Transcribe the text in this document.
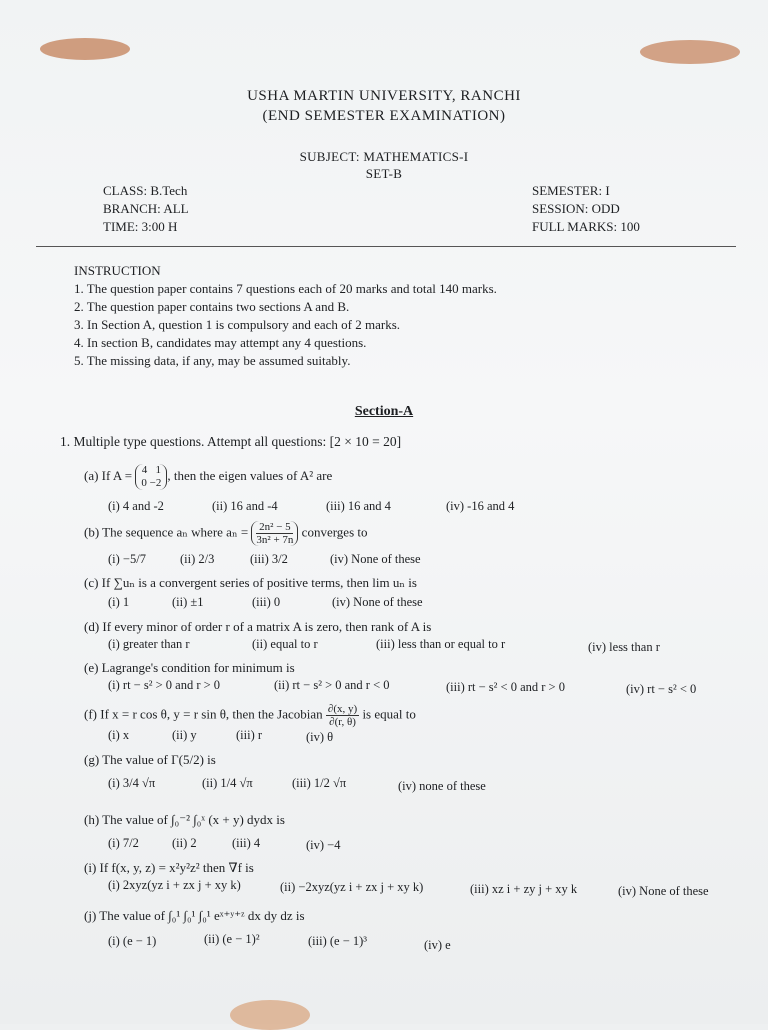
USHA MARTIN UNIVERSITY, RANCHI
(END SEMESTER EXAMINATION)
SUBJECT: MATHEMATICS-I
SET-B
CLASS: B.Tech
BRANCH: ALL
TIME: 3:00 H
SEMESTER: I
SESSION: ODD
FULL MARKS: 100
INSTRUCTION
1. The question paper contains 7 questions each of 20 marks and total 140 marks.
2. The question paper contains two sections A and B.
3. In Section A, question 1 is compulsory and each of 2 marks.
4. In section B, candidates may attempt any 4 questions.
5. The missing data, if any, may be assumed suitably.
Section-A
1. Multiple type questions. Attempt all questions: [2 × 10 = 20]
(a) If A = 4   1
0 −2, then the eigen values of A² are
(i) 4 and -2	(ii) 16 and -4	(iii) 16 and 4	(iv) -16 and 4
(b) The sequence aₙ where $a_n = \frac{\text{2n² − 5}}{\text{3n² + 7n}}$ converges to
(i) −5/7	(ii) 2/3	(iii) 3/2	(iv) None of these
(c) If ∑uₙ is a convergent series of positive terms, then lim uₙ is
(i) 1	(ii) ±1	(iii) 0	(iv) None of these
(d) If every minor of order r of a matrix A is zero, then rank of A is
(i) greater than r	(ii) equal to r	(iii) less than or equal to r	(iv) less than r
(e) Lagrange's condition for minimum is
(i) rt − s² > 0 and r > 0	(ii) rt − s² > 0 and r < 0	(iii) rt − s² < 0 and r > 0	(iv) rt − s² < 0
(f) If x = r cos θ, y = r sin θ, then the Jacobian $\frac{\partial(x, y)}{\partial(r, \theta)}$ is equal to
(i) x	(ii) y	(iii) r	(iv) θ
(g) The value of Γ(5/2) is
(i) 3/4 √π	(ii) 1/4 √π	(iii) 1/2 √π	(iv) none of these
(h) The value of ∫₀⁻² ∫₀ˣ (x + y) dydx is
(i) 7/2	(ii) 2	(iii) 4	(iv) −4
(i) If f(x, y, z) = x²y²z² then ∇f is
(i) 2xyz(yz i + zx j + xy k)	(ii) −2xyz(yz i + zx j + xy k)	(iii) xz i + zy j + xy k	(iv) None of these
(j) The value of ∫₀¹ ∫₀¹ ∫₀¹ eˣ⁺ʸ⁺ᶻ dx dy dz is
(i) (e − 1)	(ii) (e − 1)²	(iii) (e − 1)³	(iv) e
